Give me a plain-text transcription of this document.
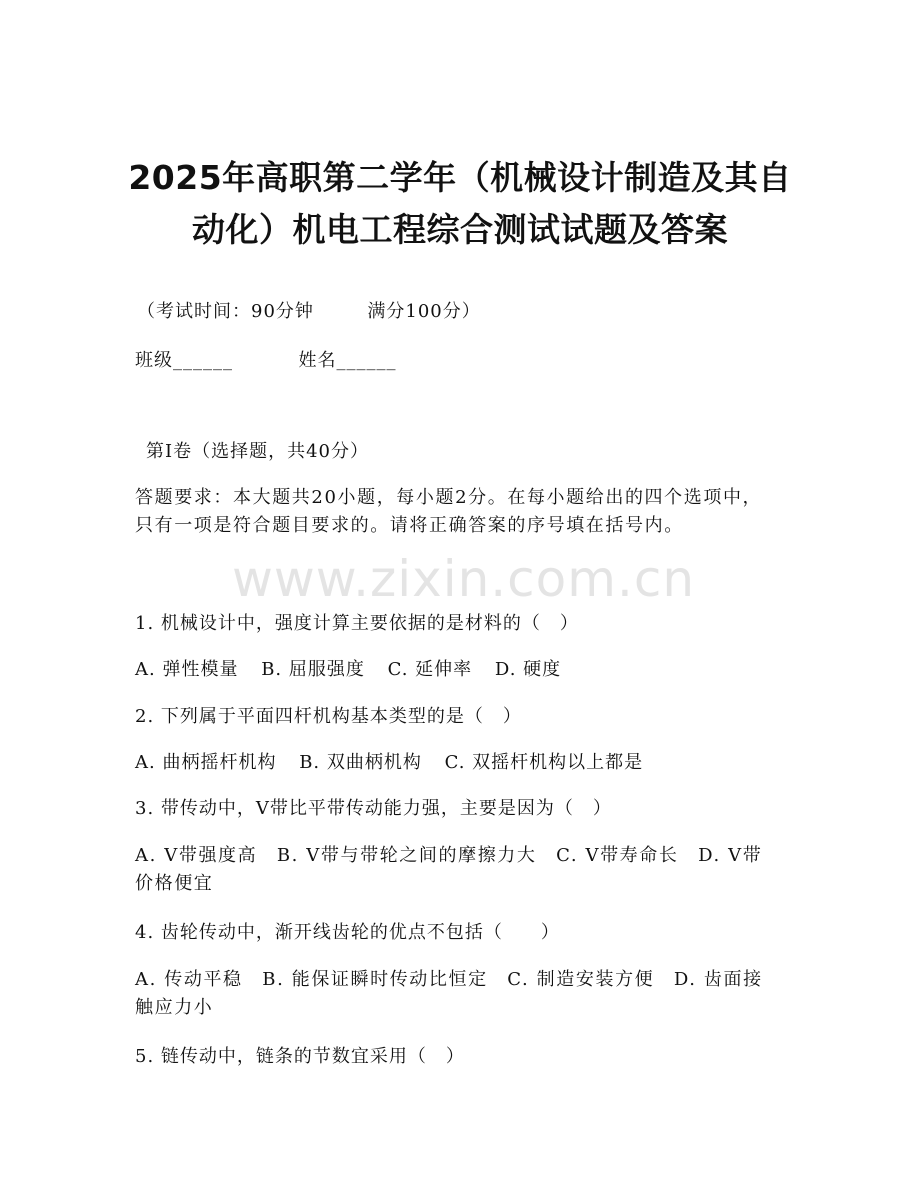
2025年高职第二学年（机械设计制造及其自
动化）机电工程综合测试试题及答案
（考试时间：90分钟	满分100分）
班级______	姓名______
第I卷（选择题，共40分）
答题要求：本大题共20小题，每小题2分。在每小题给出的四个选项中，只有一项是符合题目要求的。请将正确答案的序号填在括号内。
www.zixin.com.cn
1. 机械设计中，强度计算主要依据的是材料的（　）
A. 弹性模量 B. 屈服强度 C. 延伸率 D. 硬度
2. 下列属于平面四杆机构基本类型的是（　）
A. 曲柄摇杆机构 B. 双曲柄机构 C. 双摇杆机构以上都是
3. 带传动中，V带比平带传动能力强，主要是因为（　）
A. V带强度高　B. V带与带轮之间的摩擦力大　C. V带寿命长　D. V带价格便宜
4. 齿轮传动中，渐开线齿轮的优点不包括（　　）
A. 传动平稳　B. 能保证瞬时传动比恒定　C. 制造安装方便　D. 齿面接触应力小
5. 链传动中，链条的节数宜采用（　）
